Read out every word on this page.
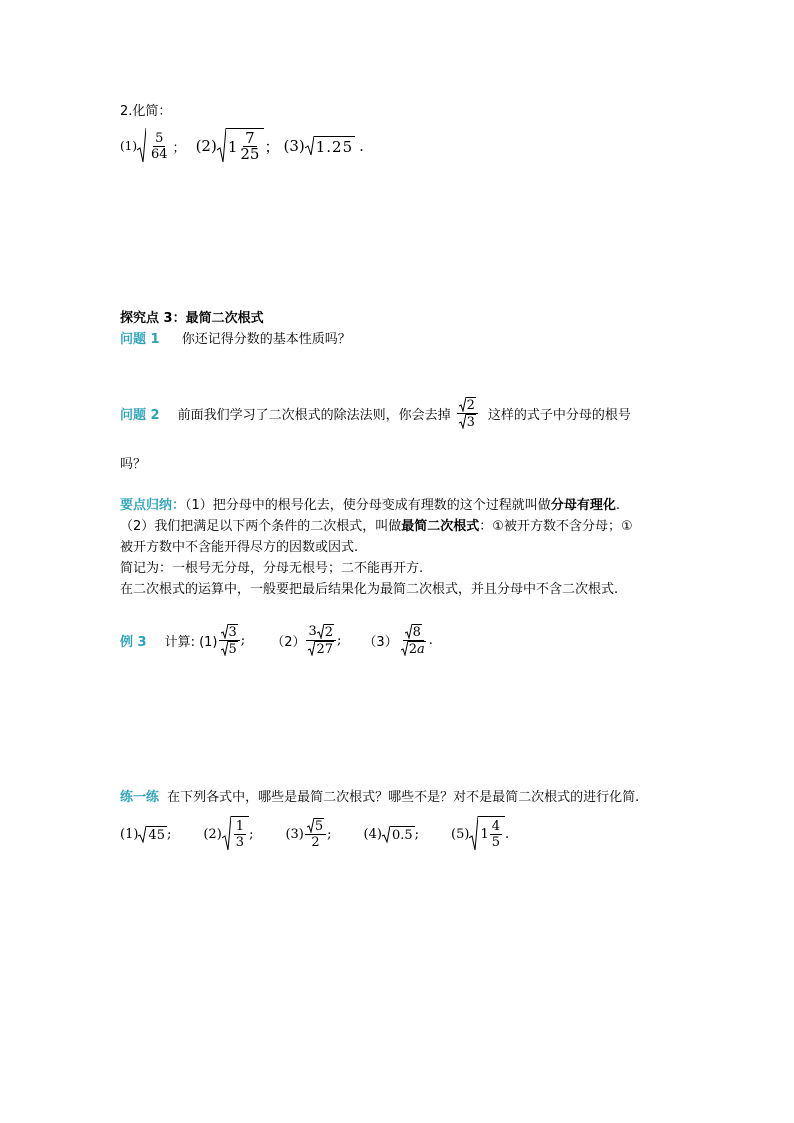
2.化简：
$(1) \frac{5}{64}$ ； (2) $1 \frac{7}{25}$ ； (3) 1.25 .
探究点 3：最简二次根式
问题 1 你还记得分数的基本性质吗？
问题 2 前面我们学习了二次根式的除法法则，你会去掉 $\frac{2}{3}$ 这样的式子中分母的根号
吗？
要点归纳：（1）把分母中的根号化去，使分母变成有理数的这个过程就叫做分母有理化.
（2）我们把满足以下两个条件的二次根式，叫做最简二次根式：①被开方数不含分母；①
被开方数中不含能开得尽方的因数或因式.
简记为：一根号无分母，分母无根号；二不能再开方.
在二次根式的运算中，一般要把最后结果化为最简二次根式，并且分母中不含二次根式.
例 3 计算: $(1) \frac{3}{5}$ ; $(2) \frac{3 2}{27}$ ; $(3) \frac{8}{2 a}$ .
练一练 在下列各式中，哪些是最简二次根式？哪些不是？对不是最简二次根式的进行化简.
(1) 45 ; $(2) \frac{1}{3}$ ; $(3) \frac{5}{2}$ ; (4) 0.5 ; (5) $1 \frac{4}{5}$ .
